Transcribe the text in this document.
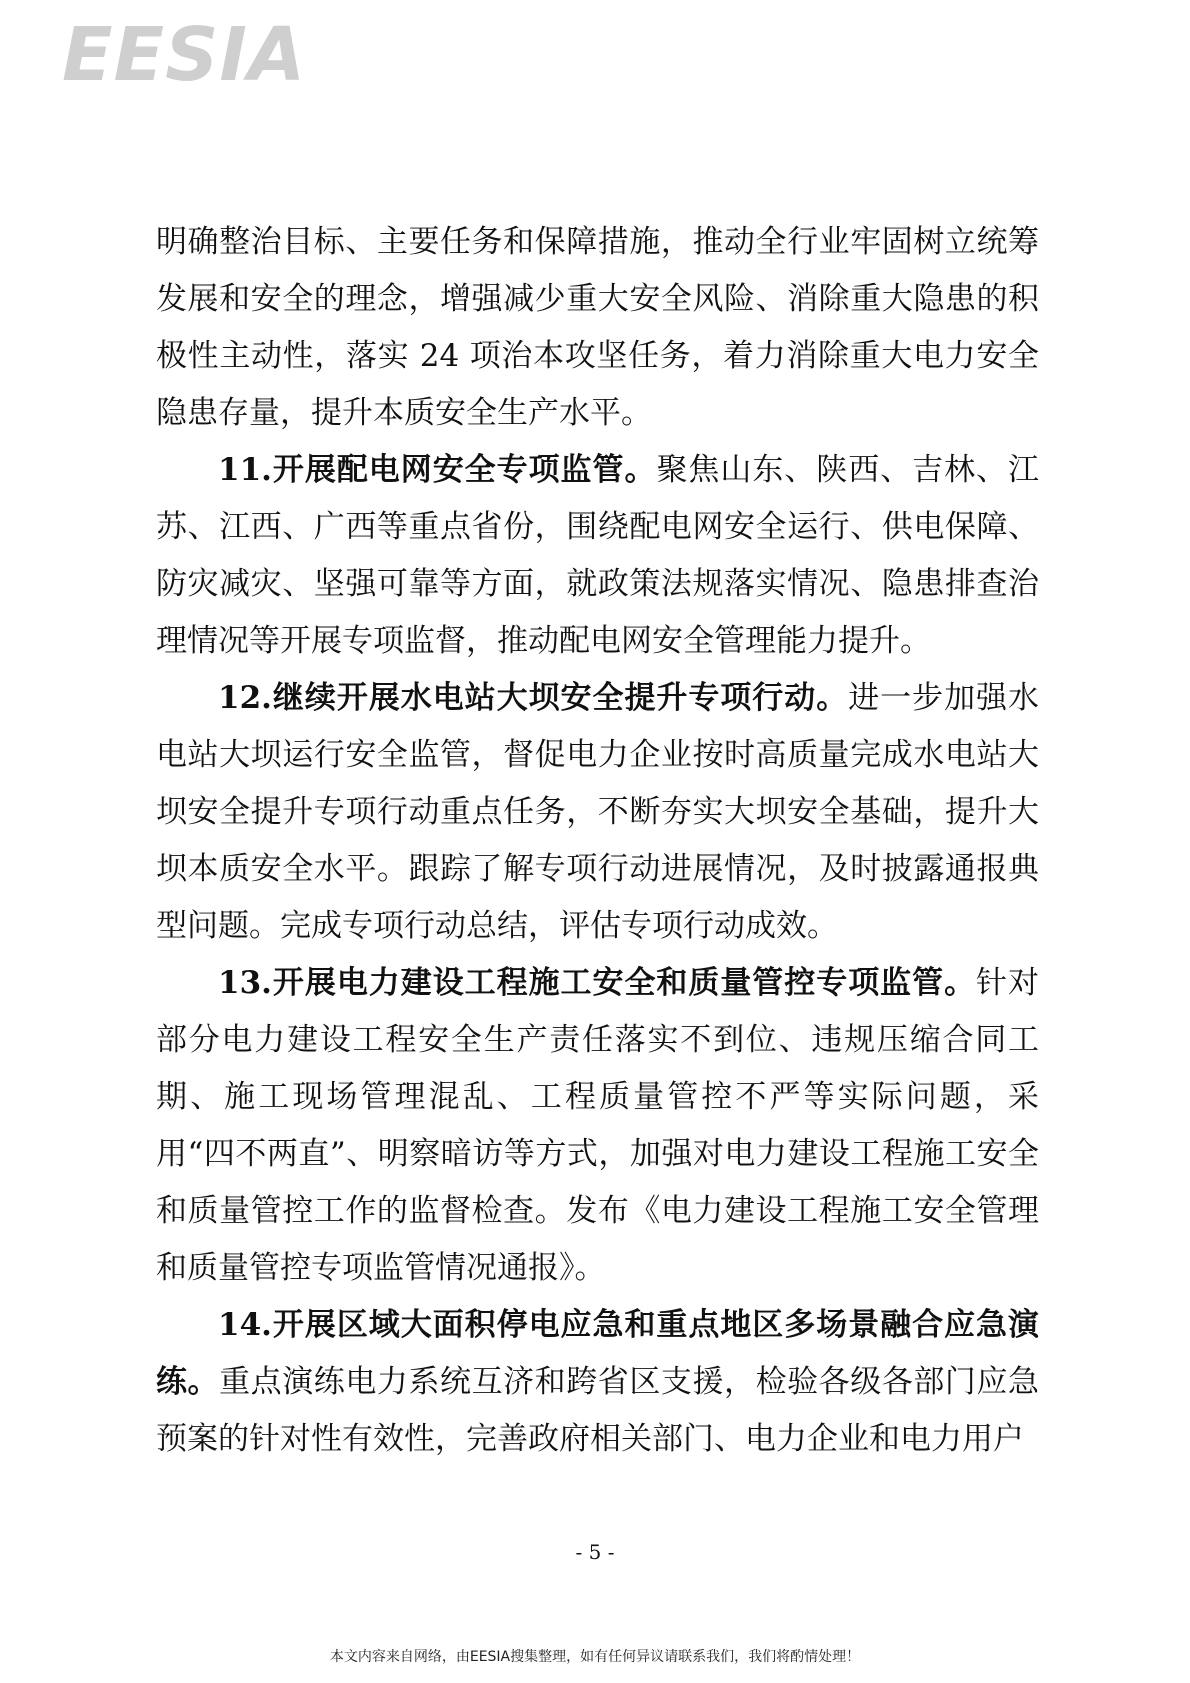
EESIA

明确整治目标、主要任务和保障措施，推动全行业牢固树立统筹发展和安全的理念，增强减少重大安全风险、消除重大隐患的积极性主动性，落实 24 项治本攻坚任务，着力消除重大电力安全隐患存量，提升本质安全生产水平。

11.开展配电网安全专项监管。聚焦山东、陕西、吉林、江苏、江西、广西等重点省份，围绕配电网安全运行、供电保障、防灾减灾、坚强可靠等方面，就政策法规落实情况、隐患排查治理情况等开展专项监督，推动配电网安全管理能力提升。

12.继续开展水电站大坝安全提升专项行动。进一步加强水电站大坝运行安全监管，督促电力企业按时高质量完成水电站大坝安全提升专项行动重点任务，不断夯实大坝安全基础，提升大坝本质安全水平。跟踪了解专项行动进展情况，及时披露通报典型问题。完成专项行动总结，评估专项行动成效。

13.开展电力建设工程施工安全和质量管控专项监管。针对部分电力建设工程安全生产责任落实不到位、违规压缩合同工期、施工现场管理混乱、工程质量管控不严等实际问题，采用“四不两直”、明察暗访等方式，加强对电力建设工程施工安全和质量管控工作的监督检查。发布《电力建设工程施工安全管理和质量管控专项监管情况通报》。

14.开展区域大面积停电应急和重点地区多场景融合应急演练。重点演练电力系统互济和跨省区支援，检验各级各部门应急预案的针对性有效性，完善政府相关部门、电力企业和电力用户

- 5 -
本文内容来自网络，由EESIA搜集整理，如有任何异议请联系我们，我们将酌情处理！
